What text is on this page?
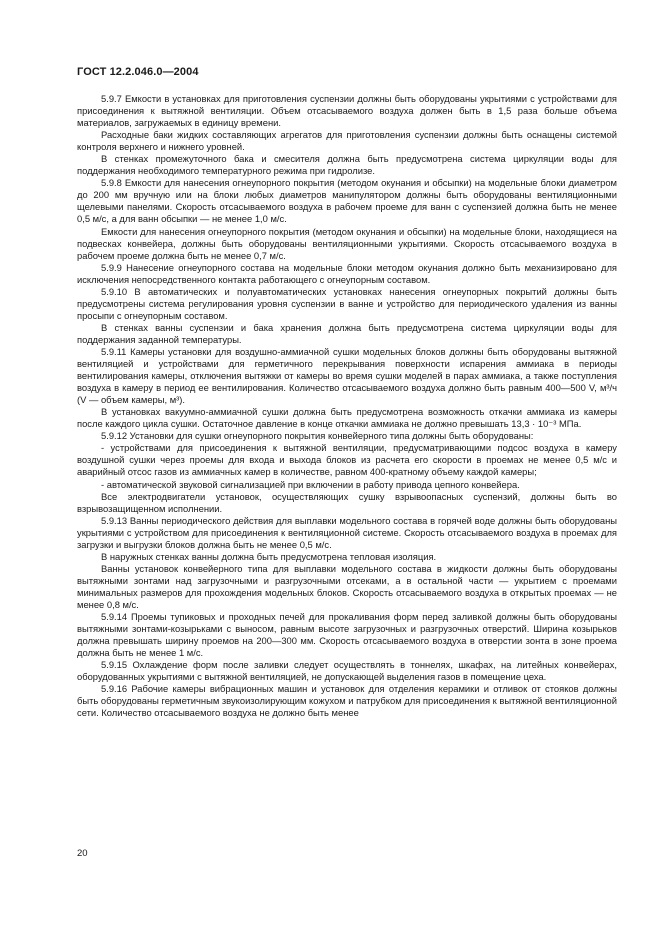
ГОСТ 12.2.046.0—2004

5.9.7 Емкости в установках для приготовления суспензии должны быть оборудованы укрытиями с устройствами для присоединения к вытяжной вентиляции. Объем отсасываемого воздуха должен быть в 1,5 раза больше объема материалов, загружаемых в единицу времени.

Расходные баки жидких составляющих агрегатов для приготовления суспензии должны быть оснащены системой контроля верхнего и нижнего уровней.

В стенках промежуточного бака и смесителя должна быть предусмотрена система циркуляции воды для поддержания необходимого температурного режима при гидролизе.

5.9.8 Емкости для нанесения огнеупорного покрытия (методом окунания и обсыпки) на модельные блоки диаметром до 200 мм вручную или на блоки любых диаметров манипулятором должны быть оборудованы вентиляционными щелевыми панелями. Скорость отсасываемого воздуха в рабочем проеме для ванн с суспензией должна быть не менее 0,5 м/с, а для ванн обсыпки — не менее 1,0 м/с.

Емкости для нанесения огнеупорного покрытия (методом окунания и обсыпки) на модельные блоки, находящиеся на подвесках конвейера, должны быть оборудованы вентиляционными укрытиями. Скорость отсасываемого воздуха в рабочем проеме должна быть не менее 0,7 м/с.

5.9.9 Нанесение огнеупорного состава на модельные блоки методом окунания должно быть механизировано для исключения непосредственного контакта работающего с огнеупорным составом.

5.9.10 В автоматических и полуавтоматических установках нанесения огнеупорных покрытий должны быть предусмотрены система регулирования уровня суспензии в ванне и устройство для периодического удаления из ванны просыпи с огнеупорным составом.

В стенках ванны суспензии и бака хранения должна быть предусмотрена система циркуляции воды для поддержания заданной температуры.

5.9.11 Камеры установки для воздушно-аммиачной сушки модельных блоков должны быть оборудованы вытяжной вентиляцией и устройствами для герметичного перекрывания поверхности испарения аммиака в периоды вентилирования камеры, отключения вытяжки от камеры во время сушки моделей в парах аммиака, а также поступления воздуха в камеру в период ее вентилирования. Количество отсасываемого воздуха должно быть равным 400—500 V, м³/ч (V — объем камеры, м³).

В установках вакуумно-аммиачной сушки должна быть предусмотрена возможность откачки аммиака из камеры после каждого цикла сушки. Остаточное давление в конце откачки аммиака не должно превышать 13,3 · 10⁻³ МПа.

5.9.12 Установки для сушки огнеупорного покрытия конвейерного типа должны быть оборудованы:

- устройствами для присоединения к вытяжной вентиляции, предусматривающими подсос воздуха в камеру воздушной сушки через проемы для входа и выхода блоков из расчета его скорости в проемах не менее 0,5 м/с и аварийный отсос газов из аммиачных камер в количестве, равном 400-кратному объему каждой камеры;

- автоматической звуковой сигнализацией при включении в работу привода цепного конвейера.

Все электродвигатели установок, осуществляющих сушку взрывоопасных суспензий, должны быть во взрывозащищенном исполнении.

5.9.13 Ванны периодического действия для выплавки модельного состава в горячей воде должны быть оборудованы укрытиями с устройством для присоединения к вентиляционной системе. Скорость отсасываемого воздуха в проемах для загрузки и выгрузки блоков должна быть не менее 0,5 м/с.

В наружных стенках ванны должна быть предусмотрена тепловая изоляция.

Ванны установок конвейерного типа для выплавки модельного состава в жидкости должны быть оборудованы вытяжными зонтами над загрузочными и разгрузочными отсеками, а в остальной части — укрытием с проемами минимальных размеров для прохождения модельных блоков. Скорость отсасываемого воздуха в открытых проемах — не менее 0,8 м/с.

5.9.14 Проемы тупиковых и проходных печей для прокаливания форм перед заливкой должны быть оборудованы вытяжными зонтами-козырьками с выносом, равным высоте загрузочных и разгрузочных отверстий. Ширина козырьков должна превышать ширину проемов на 200—300 мм. Скорость отсасываемого воздуха в отверстии зонта в зоне проема должна быть не менее 1 м/с.

5.9.15 Охлаждение форм после заливки следует осуществлять в тоннелях, шкафах, на литейных конвейерах, оборудованных укрытиями с вытяжной вентиляцией, не допускающей выделения газов в помещение цеха.

5.9.16 Рабочие камеры вибрационных машин и установок для отделения керамики и отливок от стояков должны быть оборудованы герметичным звукоизолирующим кожухом и патрубком для присоединения к вытяжной вентиляционной сети. Количество отсасываемого воздуха не должно быть менее

20
